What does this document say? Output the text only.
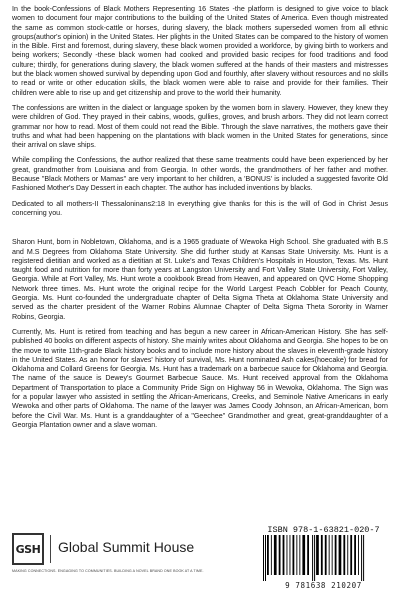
In the book-Confessions of Black Mothers Representing 16 States -the platform is designed to give voice to black women to document four major contributions to the building of the United States of America. Even though mistreated the same as common stock-cattle or horses, during slavery, the black mothers superseded women from all ethnic groups(author's opinion) in the United States. Her plights in the United States can be compared to the history of women in the Bible. First and foremost, during slavery, these black women provided a workforce, by giving birth to workers and being workers; Secondly -these black women had cooked and provided basic recipes for food traditions and food culture; thirdly, for generations during slavery, the black women suffered at the hands of their masters and mistresses but the black women showed survival by depending upon God and fourthly, after slavery without resources and no skills to read or write or other education skills, the black women were able to raise and provide for their families. Their children were able to rise up and get citizenship and prove to the world their humanity.

The confessions are written in the dialect or language spoken by the women born in slavery. However, they knew they were children of God. They prayed in their cabins, woods, gullies, groves, and brush arbors. They did not learn correct grammar nor how to read. Most of them could not read the Bible. Through the slave narratives, the mothers gave their truths and what had been happening on the plantations with black women in the United States for generations, since their arrival on slave ships.

While compiling the Confessions, the author realized that these same treatments could have been experienced by her great, grandmother from Louisiana and from Georgia. In other words, the grandmothers of her father and mother. Because "Black Mothers or Mamas" are very important to her children, a 'BONUS' is included a suggested favorite Old Fashioned Mother's Day Dessert in each chapter. The author has included inventions by blacks.

Dedicated to all mothers-II Thessaloninans2:18 In everything give thanks for this is the will of God in Christ Jesus concerning you.

Sharon Hunt, born in Nobletown, Oklahoma, and is a 1965 graduate of Wewoka High School. She graduated with B.S and M.S Degrees from Oklahoma State University. She did further study at Kansas State University. Ms. Hunt is a registered dietitian and worked as a dietitian at St. Luke's and Texas Children's Hospitals in Houston, Texas. Ms. Hunt taught food and nutrition for more than forty years at Langston University and Fort Valley State University, Fort Valley, Georgia. While at Fort Valley, Ms. Hunt wrote a cookbook Bread from Heaven, and appeared on QVC Home Shopping Network three times. Ms. Hunt wrote the original recipe for the World Largest Peach Cobbler for Peach County, Georgia. Ms. Hunt co-founded the undergraduate chapter of Delta Sigma Theta at Oklahoma State University and served as the charter president of the Warner Robins Alumnae Chapter of Delta Sigma Theta Sorority in Warner Robins, Georgia.

Currently, Ms. Hunt is retired from teaching and has begun a new career in African-American History. She has self-published 40 books on different aspects of history. She mainly writes about Oklahoma and Georgia. She hopes to be on the move to write 11th-grade Black history books and to include more history about the slaves in eleventh-grade history in the United States. As an honor for slaves' history of survival, Ms. Hunt nominated Ash cakes(hoecake) for bread for Oklahoma and Collard Greens for Georgia. Ms. Hunt has a trademark on a barbecue sauce for Oklahoma and Georgia. The name of the sauce is Dewey's Gourmet Barbecue Sauce. Ms. Hunt received approval from the Oklahoma Department of Transportation to place a Community Pride Sign on Highway 56 in Wewoka, Oklahoma. The Sign was for a popular lawyer who assisted in settling the African-Americans, Creeks, and Seminole Native Americans in early Wewoka and other parts of Oklahoma. The name of the lawyer was James Coody Johnson, an African-American, born before the Civil War. Ms. Hunt is a granddaughter of a "Geechee" Grandmother and great, great-granddaughter of a Georgia Plantation owner and a slave woman.

GSH Global Summit House
MAKING CONNECTIONS. ENGAGING TO COMMUNITIES. BUILDING A NOVEL BRAND ONE BOOK AT A TIME.
ISBN 978-1-63821-020-7
9 781638 210207
